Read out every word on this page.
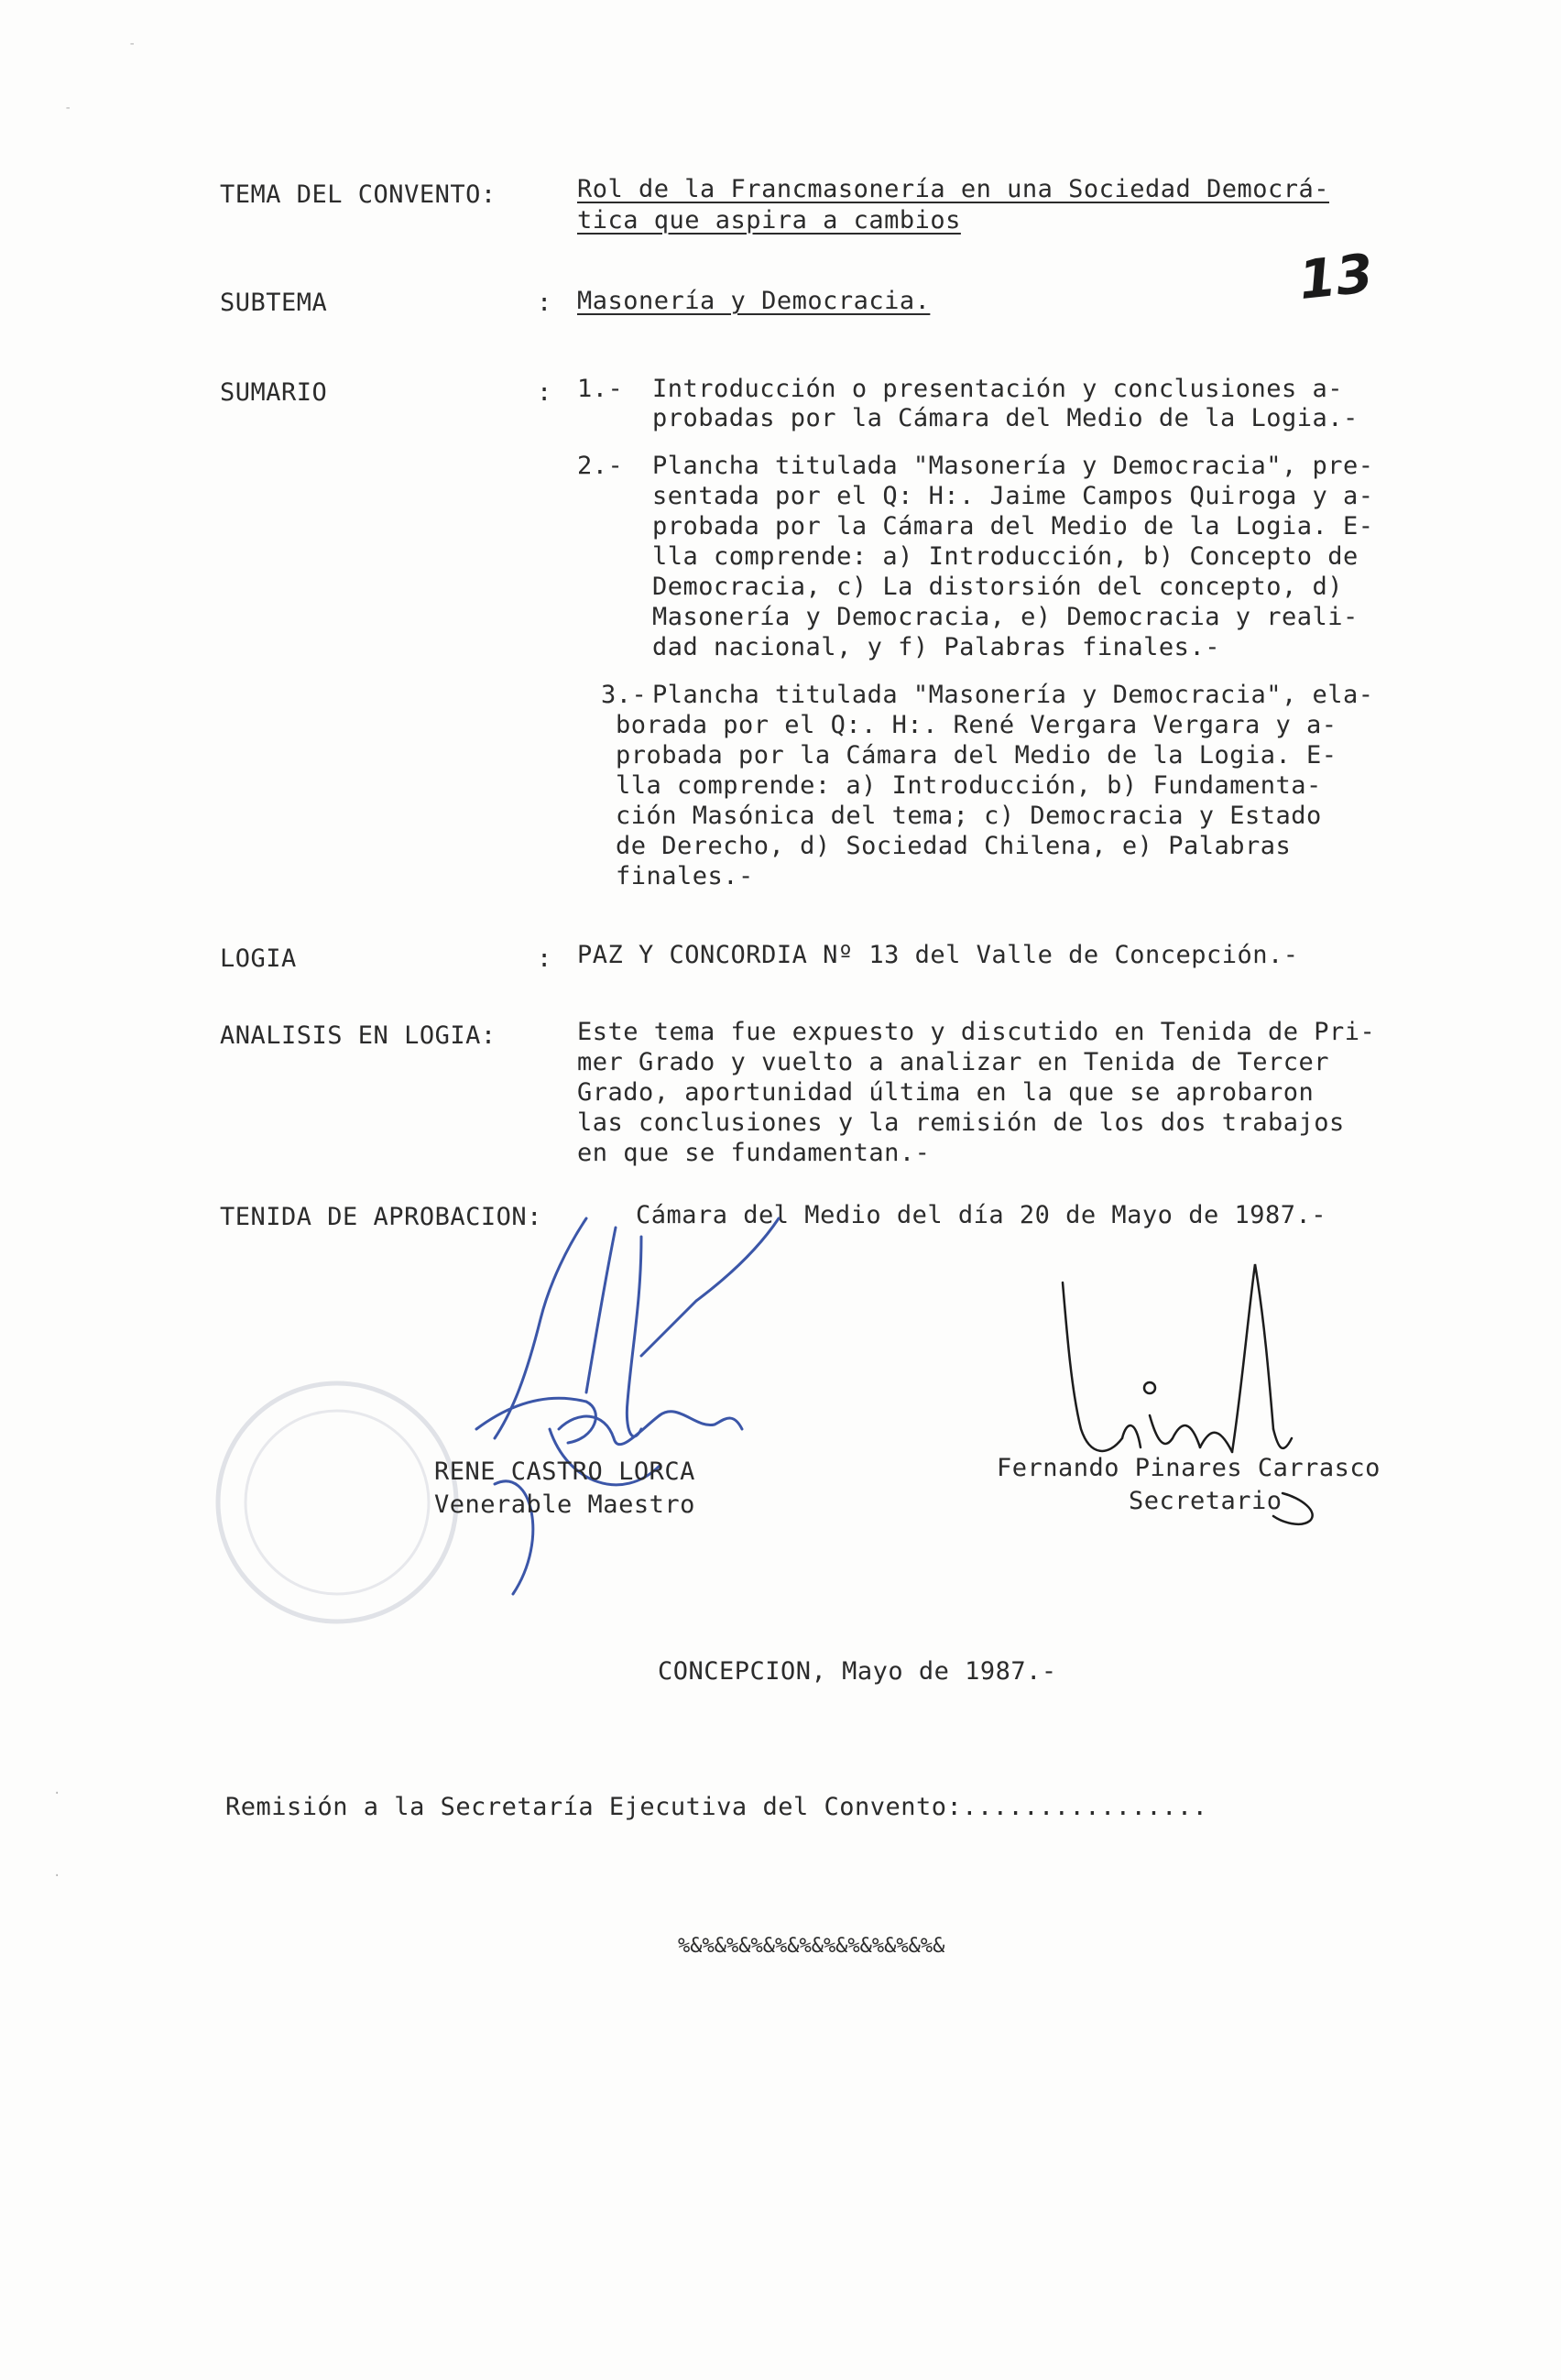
-
-
·
·
TEMA DEL CONVENTO:	Rol de la Francmasonería en una Sociedad Democrá-
tica que aspira a cambios
SUBTEMA	: Masonería y Democracia.	13
SUMARIO	: 1.- Introducción o presentación y conclusiones a-
probadas por la Cámara del Medio de la Logia.-
2.- Plancha titulada "Masonería y Democracia", pre-
sentada por el Q: H:. Jaime Campos Quiroga y a-
probada por la Cámara del Medio de la Logia. E-
lla comprende: a) Introducción, b) Concepto de
Democracia, c) La distorsión del concepto, d)
Masonería y Democracia, e) Democracia y reali-
dad nacional, y f) Palabras finales.-
3.- Plancha titulada "Masonería y Democracia", ela-
borada por el Q:. H:. René Vergara Vergara y a-
probada por la Cámara del Medio de la Logia. E-
lla comprende: a) Introducción, b) Fundamenta-
ción Masónica del tema; c) Democracia y Estado
de Derecho, d) Sociedad Chilena, e) Palabras
finales.-
LOGIA	: PAZ Y CONCORDIA Nº 13 del Valle de Concepción.-
ANALISIS EN LOGIA:	Este tema fue expuesto y discutido en Tenida de Pri-
mer Grado y vuelto a analizar en Tenida de Tercer
Grado, aportunidad última en la que se aprobaron
las conclusiones y la remisión de los dos trabajos
en que se fundamentan.-
TENIDA DE APROBACION:	Cámara del Medio del día 20 de Mayo de 1987.-
RENE CASTRO LORCA
Venerable Maestro
Fernando Pinares Carrasco
Secretario
CONCEPCION, Mayo de 1987.-
Remisión a la Secretaría Ejecutiva del Convento:................
%&%&%&%&%&%&%&%&%&%&%&
